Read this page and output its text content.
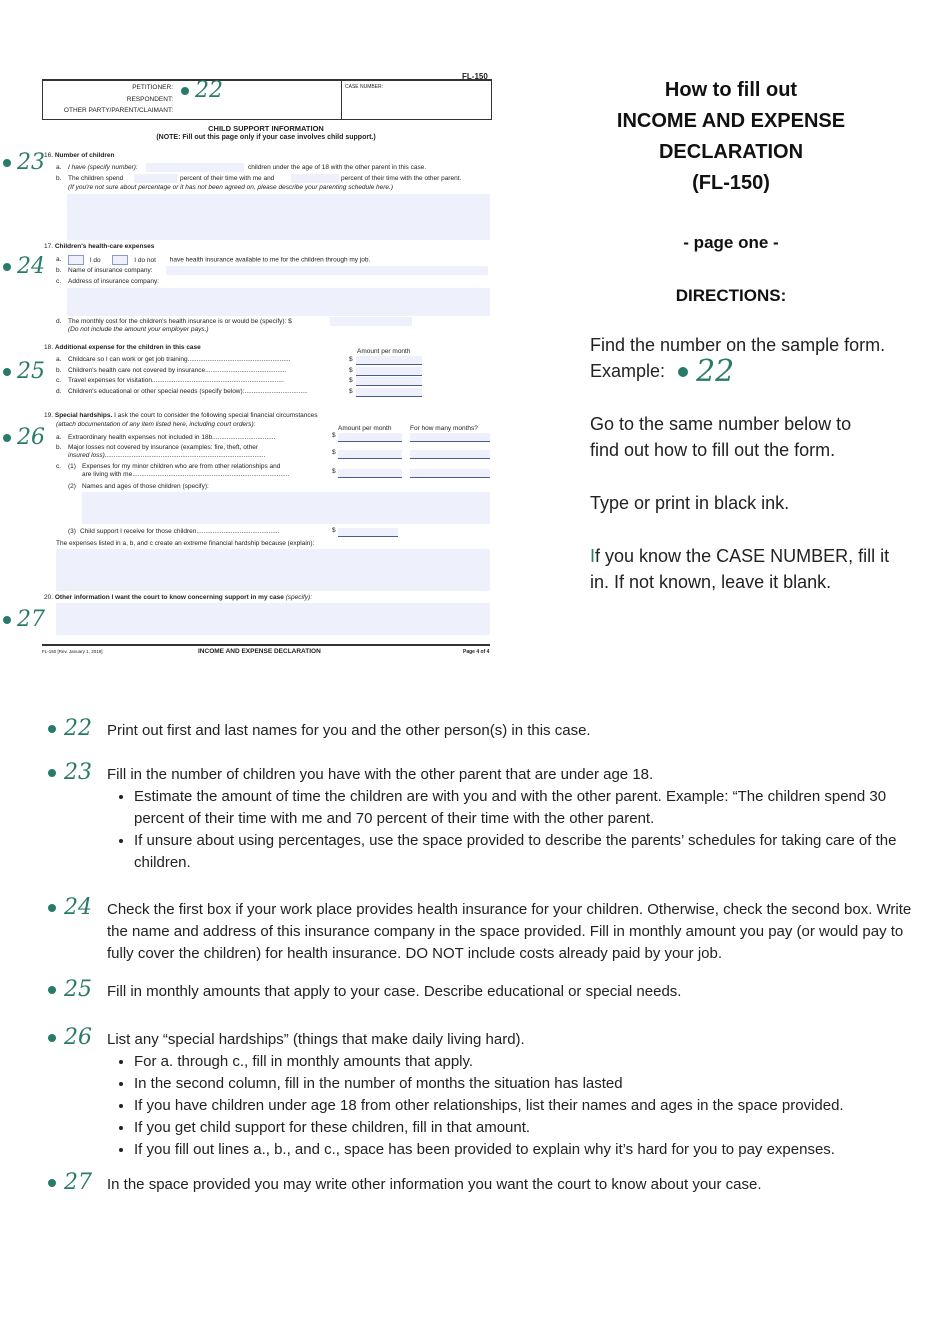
FL-150
PETITIONER:
RESPONDENT:
OTHER PARTY/PARENT/CLAIMANT:
CASE NUMBER:
22
CHILD SUPPORT INFORMATION
(NOTE: Fill out this page only if your case involves child support.)
23 16. Number of children
a. I have (specify number):	children under the age of 18 with the other parent in this case.
b. The children spend	percent of their time with me and	percent of their time with the other parent.
(If you're not sure about percentage or it has not been agreed on, please describe your parenting schedule here.)
24
17. Children's health-care expenses
a.	I do	I do not have health insurance available to me for the children through my job.
b. Name of insurance company:
c. Address of insurance company:
d. The monthly cost for the children's health insurance is or would be (specify): $
(Do not include the amount your employer pays.)
25
18. Additional expense for the children in this case
Amount per month
a. Childcare so I can work or get job training.........................................................	$
b. Children's health care not covered by insurance.............................................	$
c. Travel expenses for visitation.........................................................................	$
d. Children's educational or other special needs (specify below):...................................	$
26
19. Special hardships. I ask the court to consider the following special financial circumstances
(attach documentation of any item listed here, including court orders):
Amount per month	For how many months?
a. Extraordinary health expenses not included in 18b...................................	$
b. Major losses not covered by insurance (examples: fire, theft, other
insured loss).........................................................................................	$
c. (1) Expenses for my minor children who are from other relationships and
are living with me.......................................................................................	$
(2) Names and ages of those children (specify):
(3) Child support I receive for those children..............................................	$
The expenses listed in a, b, and c create an extreme financial hardship because (explain):
20. Other information I want the court to know concerning support in my case (specify):
27
FL-150 [Rev. January 1, 2019]	INCOME AND EXPENSE DECLARATION	Page 4 of 4
How to fill out
INCOME AND EXPENSE
DECLARATION
(FL-150)
- page one -
DIRECTIONS:
Find the number on the sample form. Example: 22
Go to the same number below to find out how to fill out the form.
Type or print in black ink.
If you know the CASE NUMBER, fill it in. If not known, leave it blank.
22 Print out first and last names for you and the other person(s) in this case.
23 Fill in the number of children you have with the other parent that are under age 18.
• Estimate the amount of time the children are with you and with the other parent. Example: “The children spend 30 percent of their time with me and 70 percent of their time with the other parent.
• If unsure about using percentages, use the space provided to describe the parents’ schedules for taking care of the children.
24 Check the first box if your work place provides health insurance for your children. Otherwise, check the second box. Write the name and address of this insurance company in the space provided. Fill in monthly amount you pay (or would pay to fully cover the children) for health insurance. DO NOT include costs already paid by your job.
25 Fill in monthly amounts that apply to your case. Describe educational or special needs.
26 List any “special hardships” (things that make daily living hard).
• For a. through c., fill in monthly amounts that apply.
• In the second column, fill in the number of months the situation has lasted
• If you have children under age 18 from other relationships, list their names and ages in the space provided.
• If you get child support for these children, fill in that amount.
• If you fill out lines a., b., and c., space has been provided to explain why it’s hard for you to pay expenses.
27 In the space provided you may write other information you want the court to know about your case.
